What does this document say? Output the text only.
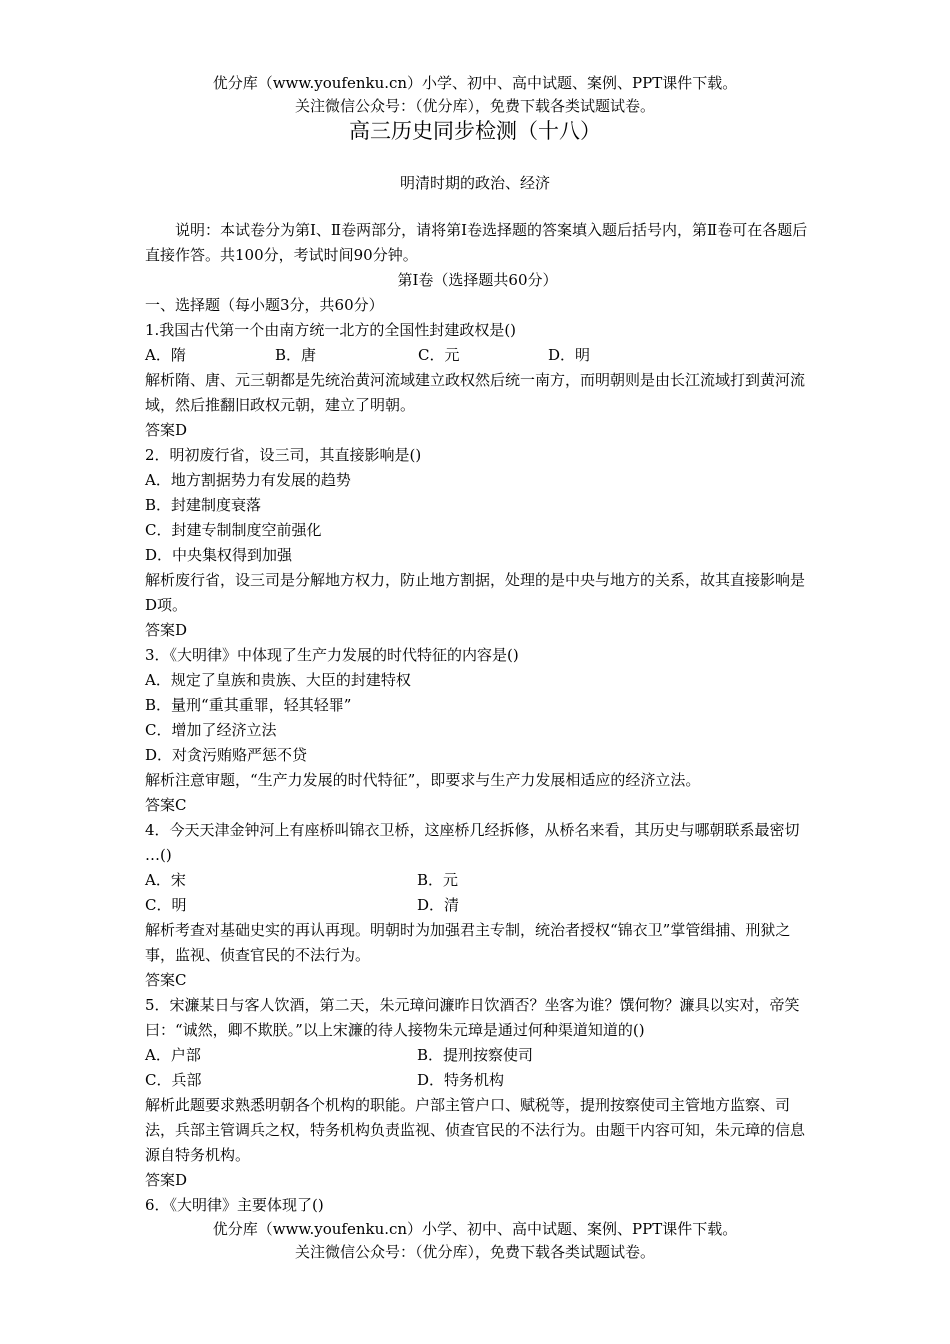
优分库（www.youfenku.cn）小学、初中、高中试题、案例、PPT课件下载。
关注微信公众号：（优分库），免费下载各类试题试卷。
高三历史同步检测（十八）
明清时期的政治、经济

说明：本试卷分为第Ⅰ、Ⅱ卷两部分，请将第Ⅰ卷选择题的答案填入题后括号内，第Ⅱ卷可在各题后直接作答。共100分，考试时间90分钟。

第Ⅰ卷（选择题共60分）

一、选择题（每小题3分，共60分）

1.我国古代第一个由南方统一北方的全国性封建政权是()

A．隋	B．唐	C．元	D．明

解析隋、唐、元三朝都是先统治黄河流域建立政权然后统一南方，而明朝则是由长江流域打到黄河流域，然后推翻旧政权元朝，建立了明朝。

答案D

2．明初废行省，设三司，其直接影响是()

A．地方割据势力有发展的趋势

B．封建制度衰落

C．封建专制制度空前强化

D．中央集权得到加强

解析废行省，设三司是分解地方权力，防止地方割据，处理的是中央与地方的关系，故其直接影响是D项。

答案D

3．《大明律》中体现了生产力发展的时代特征的内容是()

A．规定了皇族和贵族、大臣的封建特权

B．量刑“重其重罪，轻其轻罪”

C．增加了经济立法

D．对贪污贿赂严惩不贷

解析注意审题，“生产力发展的时代特征”，即要求与生产力发展相适应的经济立法。

答案C

4．今天天津金钟河上有座桥叫锦衣卫桥，这座桥几经拆修，从桥名来看，其历史与哪朝联系最密切 …()

A．宋	B．元
C．明	D．清

解析考查对基础史实的再认再现。明朝时为加强君主专制，统治者授权“锦衣卫”掌管缉捕、刑狱之事，监视、侦查官民的不法行为。

答案C

5．宋濂某日与客人饮酒，第二天，朱元璋问濂昨日饮酒否？坐客为谁？馔何物？濂具以实对，帝笑曰：“诚然，卿不欺朕。”以上宋濂的待人接物朱元璋是通过何种渠道知道的()

A．户部	B．提刑按察使司
C．兵部	D．特务机构

解析此题要求熟悉明朝各个机构的职能。户部主管户口、赋税等，提刑按察使司主管地方监察、司法，兵部主管调兵之权，特务机构负责监视、侦查官民的不法行为。由题干内容可知，朱元璋的信息源自特务机构。

答案D

6．《大明律》主要体现了()

优分库（www.youfenku.cn）小学、初中、高中试题、案例、PPT课件下载。
关注微信公众号：（优分库），免费下载各类试题试卷。
